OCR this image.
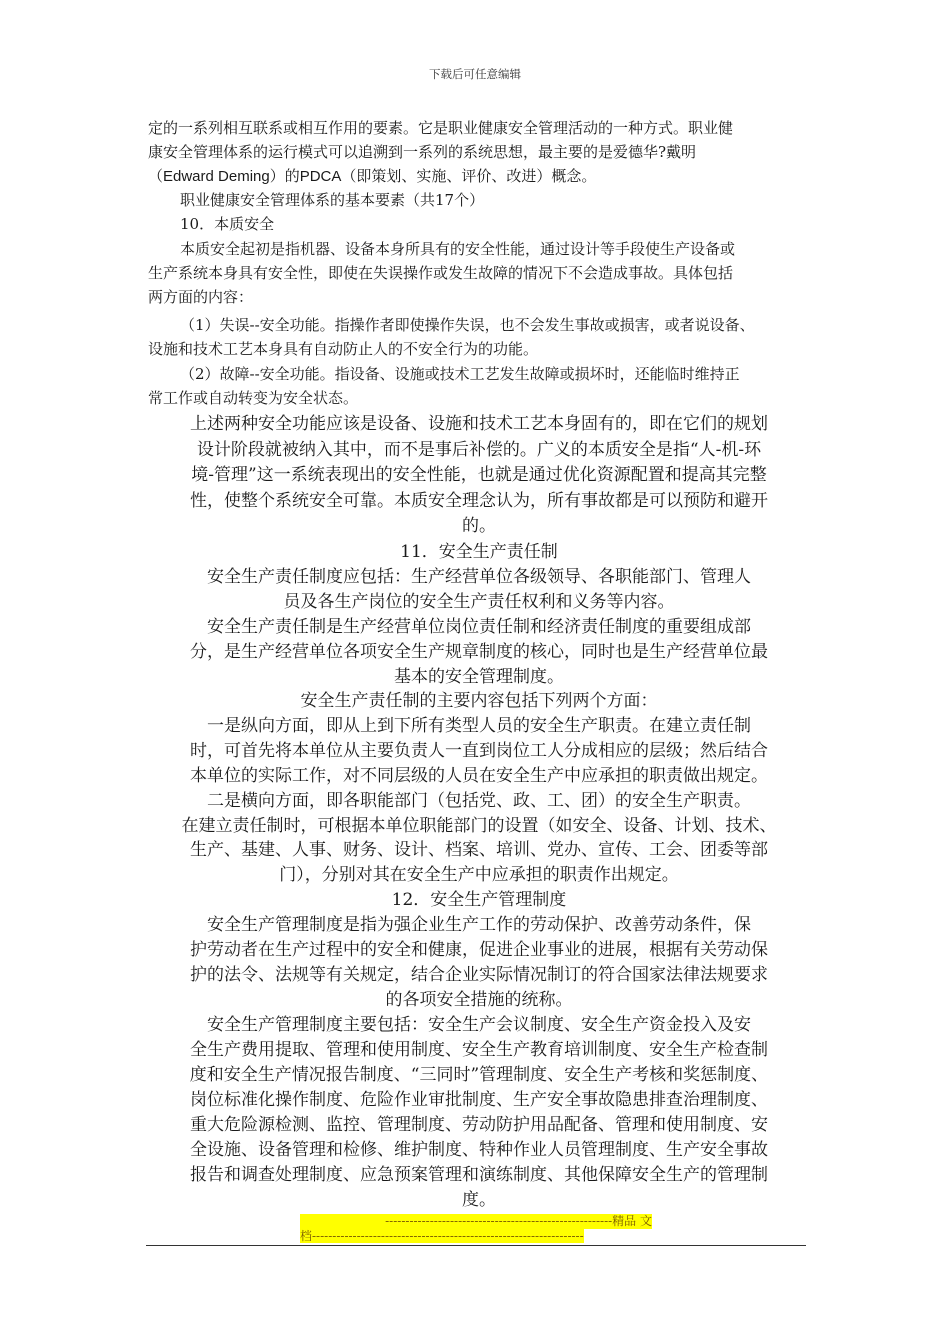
下载后可任意编辑

定的一系列相互联系或相互作用的要素。它是职业健康安全管理活动的一种方式。职业健

康安全管理体系的运行模式可以追溯到一系列的系统思想，最主要的是爱德华?戴明

（Edward Deming）的PDCA（即策划、实施、评价、改进）概念。

职业健康安全管理体系的基本要素（共17个）

10．本质安全

本质安全起初是指机器、设备本身所具有的安全性能，通过设计等手段使生产设备或

生产系统本身具有安全性，即使在失误操作或发生故障的情况下不会造成事故。具体包括

两方面的内容：

（1）失误--安全功能。指操作者即使操作失误，也不会发生事故或损害，或者说设备、

设施和技术工艺本身具有自动防止人的不安全行为的功能。

（2）故障--安全功能。指设备、设施或技术工艺发生故障或损坏时，还能临时维持正

常工作或自动转变为安全状态。

上述两种安全功能应该是设备、设施和技术工艺本身固有的，即在它们的规划

设计阶段就被纳入其中，而不是事后补偿的。广义的本质安全是指“人-机-环

境-管理”这一系统表现出的安全性能，也就是通过优化资源配置和提高其完整

性，使整个系统安全可靠。本质安全理念认为，所有事故都是可以预防和避开

的。

11．安全生产责任制

安全生产责任制度应包括：生产经营单位各级领导、各职能部门、管理人

员及各生产岗位的安全生产责任权利和义务等内容。

安全生产责任制是生产经营单位岗位责任制和经济责任制度的重要组成部

分，是生产经营单位各项安全生产规章制度的核心，同时也是生产经营单位最

基本的安全管理制度。

安全生产责任制的主要内容包括下列两个方面：

一是纵向方面，即从上到下所有类型人员的安全生产职责。在建立责任制

时，可首先将本单位从主要负责人一直到岗位工人分成相应的层级；然后结合

本单位的实际工作，对不同层级的人员在安全生产中应承担的职责做出规定。

二是横向方面，即各职能部门（包括党、政、工、团）的安全生产职责。

在建立责任制时，可根据本单位职能部门的设置（如安全、设备、计划、技术、

生产、基建、人事、财务、设计、档案、培训、党办、宣传、工会、团委等部

门），分别对其在安全生产中应承担的职责作出规定。

12．安全生产管理制度

安全生产管理制度是指为强企业生产工作的劳动保护、改善劳动条件，保

护劳动者在生产过程中的安全和健康，促进企业事业的进展，根据有关劳动保

护的法令、法规等有关规定，结合企业实际情况制订的符合国家法律法规要求

的各项安全措施的统称。

安全生产管理制度主要包括：安全生产会议制度、安全生产资金投入及安

全生产费用提取、管理和使用制度、安全生产教育培训制度、安全生产检查制

度和安全生产情况报告制度、“三同时”管理制度、安全生产考核和奖惩制度、

岗位标准化操作制度、危险作业审批制度、生产安全事故隐患排查治理制度、

重大危险源检测、监控、管理制度、劳动防护用品配备、管理和使用制度、安

全设施、设备管理和检修、维护制度、特种作业人员管理制度、生产安全事故

报告和调查处理制度、应急预案管理和演练制度、其他保障安全生产的管理制

度。

--------------------------------------------------------精品 文
档-------------------------------------------------------------------
